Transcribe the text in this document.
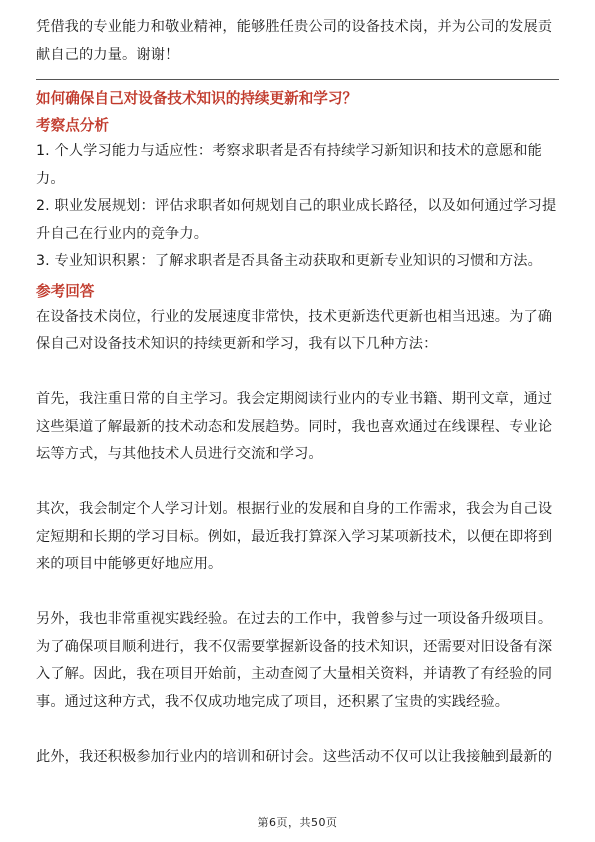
凭借我的专业能力和敬业精神，能够胜任贵公司的设备技术岗，并为公司的发展贡献自己的力量。谢谢！

如何确保自己对设备技术知识的持续更新和学习？
考察点分析

1. 个人学习能力与适应性：考察求职者是否有持续学习新知识和技术的意愿和能力。

2. 职业发展规划：评估求职者如何规划自己的职业成长路径，以及如何通过学习提升自己在行业内的竞争力。

3. 专业知识积累：了解求职者是否具备主动获取和更新专业知识的习惯和方法。

参考回答

在设备技术岗位，行业的发展速度非常快，技术更新迭代更新也相当迅速。为了确保自己对设备技术知识的持续更新和学习，我有以下几种方法：

首先，我注重日常的自主学习。我会定期阅读行业内的专业书籍、期刊文章，通过这些渠道了解最新的技术动态和发展趋势。同时，我也喜欢通过在线课程、专业论坛等方式，与其他技术人员进行交流和学习。

其次，我会制定个人学习计划。根据行业的发展和自身的工作需求，我会为自己设定短期和长期的学习目标。例如，最近我打算深入学习某项新技术，以便在即将到来的项目中能够更好地应用。

另外，我也非常重视实践经验。在过去的工作中，我曾参与过一项设备升级项目。为了确保项目顺利进行，我不仅需要掌握新设备的技术知识，还需要对旧设备有深入了解。因此，我在项目开始前，主动查阅了大量相关资料，并请教了有经验的同事。通过这种方式，我不仅成功地完成了项目，还积累了宝贵的实践经验。

此外，我还积极参加行业内的培训和研讨会。这些活动不仅可以让我接触到最新的

第6页，共50页
